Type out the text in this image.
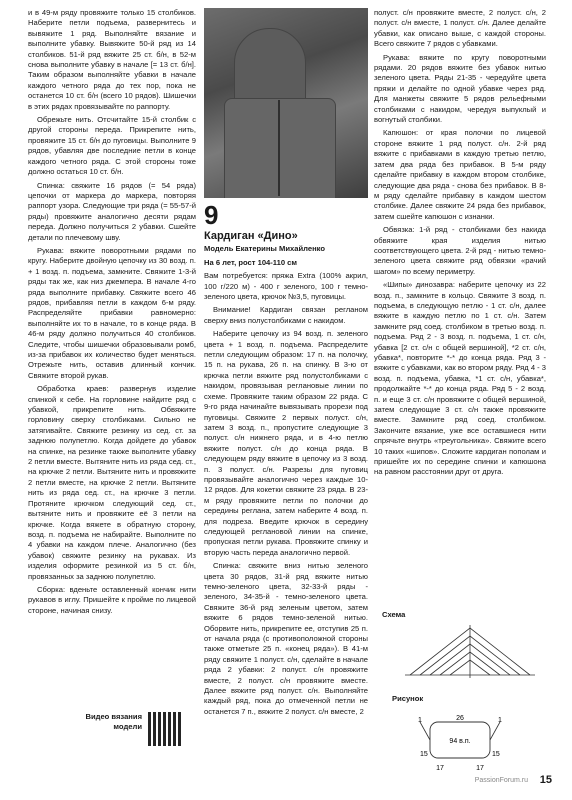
и в 49-м ряду провяжите только 15 столбиков. Наберите петли подъема, развернитесь и вывяжите 1 ряд. Выполняйте вязание и выполните убавку. Вывяжите 50-й ряд из 14 столбиков. 51-й ряд вяжите 25 ст. б/н, в 52-м снова выполните убавку в начале [= 13 ст. б/н]. Таким образом выполняйте убавки в начале каждого четного ряда до тех пор, пока не останется 10 ст. б/н (всего 10 рядов). Шишечки в этих рядах провязывайте по раппорту.

Обрежьте нить. Отсчитайте 15-й столбик с другой стороны переда. Прикрепите нить, провяжите 15 ст. б/н до пуговицы. Выполните 9 рядов, убавляя две последние петли в конце каждого четного ряда. С этой стороны тоже должно остаться 10 ст. б/н.

Спинка: свяжите 16 рядов (= 54 ряда) цепочки от маркера до маркера, повторяя раппорт узора. Следующие три ряда (= 55-57-й ряды) провяжите аналогично десяти рядам переда. Должно получиться 2 убавки. Сшейте детали по плечевому шву.

Рукава: вяжите поворотными рядами по кругу. Наберите двойную цепочку из 30 возд. п. + 1 возд. п. подъема, замкните. Свяжите 1-3-й ряды так же, как низ джемпера. В начале 4-го ряда выполните прибавку. Свяжите всего 46 рядов, прибавляя петли в каждом 6-м ряду. Распределяйте прибавки равномерно: выполняйте их то в начале, то в конце ряда. В 46-м ряду должно получиться 40 столбиков. Следите, чтобы шишечки образовывали ромб, из-за прибавок их количество будет меняться. Отрежьте нить, оставив длинный кончик. Свяжите второй рукав.

Обработка краев: развернув изделие спинкой к себе. На горловине найдите ряд с убавкой, прикрепите нить. Обвяжите горловину сверху столбиками. Сильно не затягивайте. Свяжите резинку из сед. ст. за заднюю полупетлю. Когда дойдете до убавок на спинке, на резинке также выполните убавку 2 петли вместе. Вытяните нить из ряда сед. ст., на крючке 2 петли. Вытяните нить и провяжите 2 петли вместе, на крючке 2 петли. Вытяните нить из ряда сед. ст., на крючке 3 петли. Протяните крючком следующий сед. ст., вытяните нить и провяжите её 3 петли на крючке. Когда вяжете в обратную сторону, возд. п. подъема не набирайте. Выполните по 4 убавки на каждом плече. Аналогично (без убавок) свяжите резинку на рукавах. Из изделия оформите резинкой из 5 ст. б/н, провязанных за заднюю полупетлю.

Сборка: вденьте оставленный кончик нити рукавов в иглу. Пришейте к пройме по лицевой стороне, начиная снизу.

Видео вязания модели

9

Кардиган «Дино»

Модель Екатерины Михайленко

На 6 лет, рост 104-110 см

Вам потребуется: пряжа Extra (100% акрил, 100 г/220 м) - 400 г зеленого, 100 г темно-зеленого цвета, крючок №3,5, пуговицы.

Внимание! Кардиган связан регланом сверху вниз полустолбиками с накидом.

Наберите цепочку из 94 возд. п. зеленого цвета + 1 возд. п. подъема. Распределите петли следующим образом: 17 п. на полочку, 15 п. на рукава, 26 п. на спинку. В 3-ю от крючка петли вяжите ряд полустолбиками с накидом, провязывая реглановые линии по схеме. Провяжите таким образом 22 ряда. С 9-го ряда начинайте вывязывать прорези под пуговицы. Свяжите 2 первых полуст. с/н, затем 3 возд. п., пропустите следующие 3 полуст. с/н нижнего ряда, и в 4-ю петлю вяжите полуст. с/н до конца ряда. В следующем ряду вяжите в цепочку из 3 возд. п. 3 полуст. с/н. Разрезы для пуговиц провязывайте аналогично через каждые 10-12 рядов. Для кокетки свяжите 23 ряда. В 23-м ряду провяжите петли по полочки до середины реглана, затем наберите 4 возд. п. для подреза. Введите крючок в середину следующей реглановой линии на спинке, пропуская петли рукава. Провяжите спинку и вторую часть переда аналогично первой.

Спинка: свяжите вниз нитью зеленого цвета 30 рядов, 31-й ряд вяжите нитью темно-зеленого цвета, 32-33-й ряды - зеленого, 34-35-й - темно-зеленого цвета. Свяжите 36-й ряд зеленым цветом, затем вяжите 6 рядов темно-зеленой нитью. Оборвите нить, прикрепите ее, отступив 25 п. от начала ряда (с противоположной стороны также отметьте 25 п. «конец ряда»). В 41-м ряду свяжите 1 полуст. с/н, сделайте в начале ряда 2 убавки: 2 полуст. с/н провяжите вместе, 2 полуст. с/н провяжите вместе. Далее вяжите ряд полуст. с/н. Выполняйте каждый ряд, пока до отмеченной петли не останется 7 п., вяжите 2 полуст. с/н вместе, 2

полуст. с/н провяжите вместе, 2 полуст. с/н, 2 полуст. с/н вместе, 1 полуст. с/н. Далее делайте убавки, как описано выше, с каждой стороны. Всего свяжите 7 рядов с убавками.

Рукава: вяжите по кругу поворотными рядами. 20 рядов вяжите без убавок нитью зеленого цвета. Ряды 21-35 - чередуйте цвета пряжи и делайте по одной убавке через ряд. Для манжеты свяжите 5 рядов рельефными столбиками с накидом, чередуя выпуклый и вогнутый столбики.

Капюшон: от края полочки по лицевой стороне вяжите 1 ряд полуст. с/н. 2-й ряд вяжите с прибавками в каждую третью петлю, затем два ряда без прибавок. В 5-м ряду сделайте прибавку в каждом втором столбике, следующие два ряда - снова без прибавок. В 8-м ряду сделайте прибавку в каждом шестом столбике. Далее свяжите 24 ряда без прибавок, затем сшейте капюшон с изнанки.

Обвязка: 1-й ряд - столбиками без накида обвяжите края изделия нитью соответствующего цвета. 2-й ряд - нитью темно-зеленого цвета свяжите ряд обвязки «рачий шагом» по всему периметру.

«Шипы» динозавра: наберите цепочку из 22 возд. п., замкните в кольцо. Свяжите 3 возд. п. подъема, в следующую петлю - 1 ст. с/н, далее вяжите в каждую петлю по 1 ст. с/н. Затем замкните ряд соед. столбиком в третью возд. п. подъема. Ряд 2 - 3 возд. п. подъема, 1 ст. с/н, убавка [2 ст. с/н с общей вершиной], *2 ст. с/н, убавка*, повторите *-* до конца ряда. Ряд 3 - вяжите с убавками, как во втором ряду. Ряд 4 - 3 возд. п. подъема, убавка, *1 ст. с/н, убавка*, продолжайте *-* до конца ряда. Ряд 5 - 2 возд. п. и еще 3 ст. с/н провяжите с общей вершиной, затем следующие 3 ст. с/н также провяжите вместе. Замкните ряд соед. столбиком. Закончите вязание, уже все оставшиеся нити спрячьте внутрь «треугольника». Свяжите всего 10 таких «шипов». Сложите кардиган пополам и пришейте их по середине спинки и капюшона на равном расстоянии друг от друга.

Схема
Рисунок
26
1	1
94 в.п.
15	15
17	17
PassionForum.ru 15
